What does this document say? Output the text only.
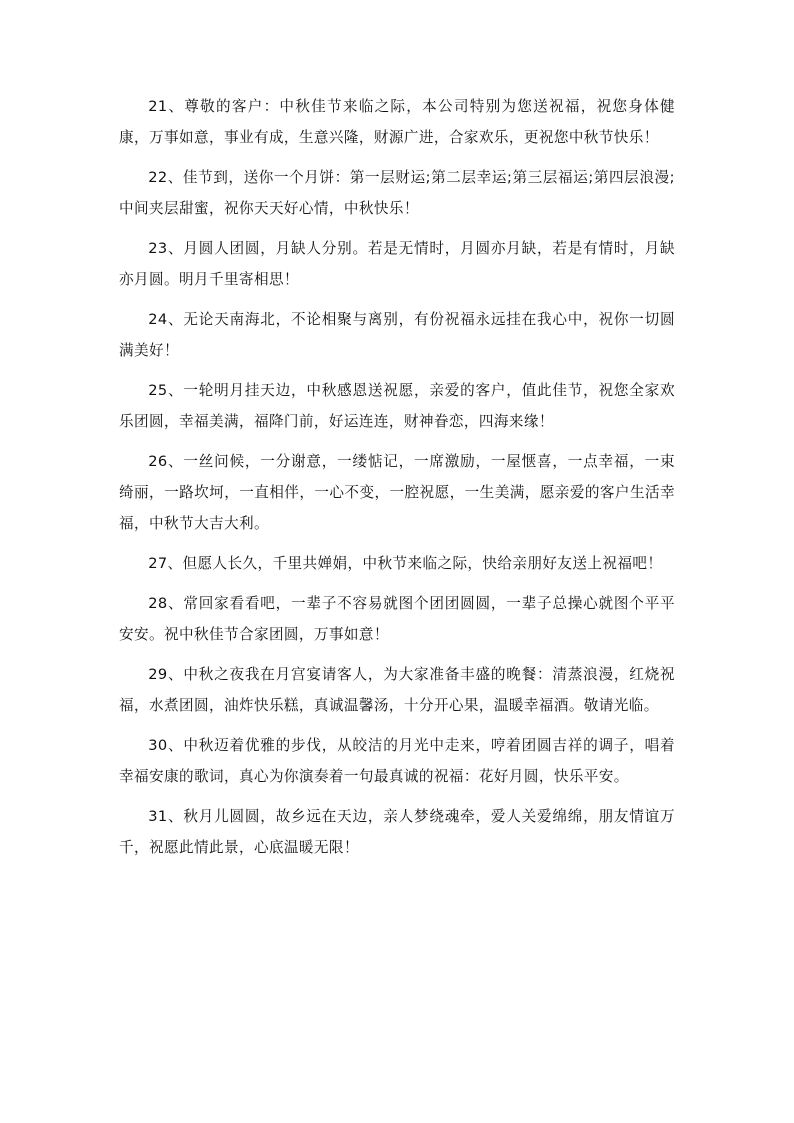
21、尊敬的客户：中秋佳节来临之际，本公司特别为您送祝福，祝您身体健康，万事如意，事业有成，生意兴隆，财源广进，合家欢乐，更祝您中秋节快乐！

22、佳节到，送你一个月饼：第一层财运;第二层幸运;第三层福运;第四层浪漫;中间夹层甜蜜，祝你天天好心情，中秋快乐！

23、月圆人团圆，月缺人分别。若是无情时，月圆亦月缺，若是有情时，月缺亦月圆。明月千里寄相思！

24、无论天南海北，不论相聚与离别，有份祝福永远挂在我心中，祝你一切圆满美好！

25、一轮明月挂天边，中秋感恩送祝愿，亲爱的客户，值此佳节，祝您全家欢乐团圆，幸福美满，福降门前，好运连连，财神眷恋，四海来缘！

26、一丝问候，一分谢意，一缕惦记，一席激励，一屋惬喜，一点幸福，一束绮丽，一路坎坷，一直相伴，一心不变，一腔祝愿，一生美满，愿亲爱的客户生活幸福，中秋节大吉大利。

27、但愿人长久，千里共婵娟，中秋节来临之际，快给亲朋好友送上祝福吧！

28、常回家看看吧，一辈子不容易就图个团团圆圆，一辈子总操心就图个平平安安。祝中秋佳节合家团圆，万事如意！

29、中秋之夜我在月宫宴请客人，为大家准备丰盛的晚餐：清蒸浪漫，红烧祝福，水煮团圆，油炸快乐糕，真诚温馨汤，十分开心果，温暖幸福酒。敬请光临。

30、中秋迈着优雅的步伐，从皎洁的月光中走来，哼着团圆吉祥的调子，唱着幸福安康的歌词，真心为你演奏着一句最真诚的祝福：花好月圆，快乐平安。

31、秋月儿圆圆，故乡远在天边，亲人梦绕魂牵，爱人关爱绵绵，朋友情谊万千，祝愿此情此景，心底温暖无限！
